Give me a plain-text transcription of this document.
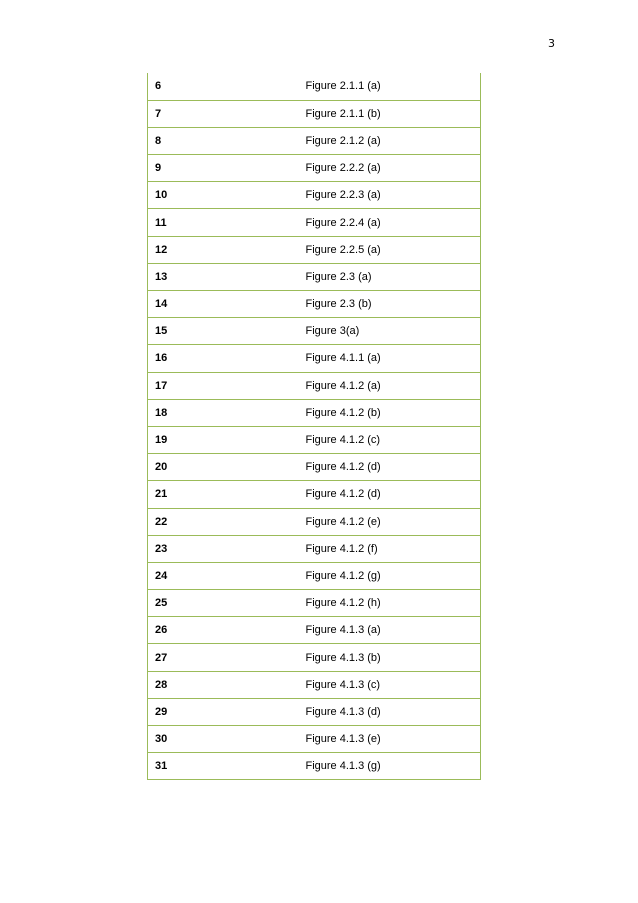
3
6	Figure 2.1.1 (a)
7	Figure 2.1.1 (b)
8	Figure 2.1.2 (a)
9	Figure 2.2.2 (a)
10	Figure 2.2.3 (a)
11	Figure 2.2.4 (a)
12	Figure 2.2.5 (a)
13	Figure 2.3 (a)
14	Figure 2.3 (b)
15	Figure 3(a)
16	Figure 4.1.1 (a)
17	Figure 4.1.2 (a)
18	Figure 4.1.2 (b)
19	Figure 4.1.2 (c)
20	Figure 4.1.2 (d)
21	Figure 4.1.2 (d)
22	Figure 4.1.2 (e)
23	Figure 4.1.2 (f)
24	Figure 4.1.2 (g)
25	Figure 4.1.2 (h)
26	Figure 4.1.3 (a)
27	Figure 4.1.3 (b)
28	Figure 4.1.3 (c)
29	Figure 4.1.3 (d)
30	Figure 4.1.3 (e)
31	Figure 4.1.3 (g)
